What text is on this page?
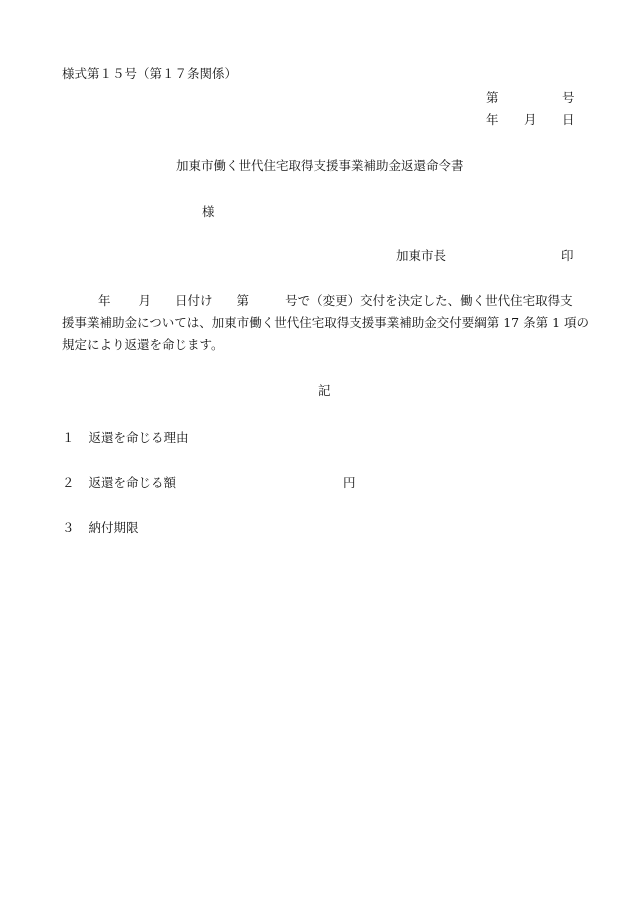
様式第１５号（第１７条関係）
第	号
年 月 日
加東市働く世代住宅取得支援事業補助金返還命令書
様
加東市長	印
年 月 日付け 第	号で（変更）交付を決定した、働く世代住宅取得支
援事業補助金については、加東市働く世代住宅取得支援事業補助金交付要綱第 17 条第 1 項の
規定により返還を命じます。
記
１ 返還を命じる理由
２ 返還を命じる額	円
３ 納付期限
